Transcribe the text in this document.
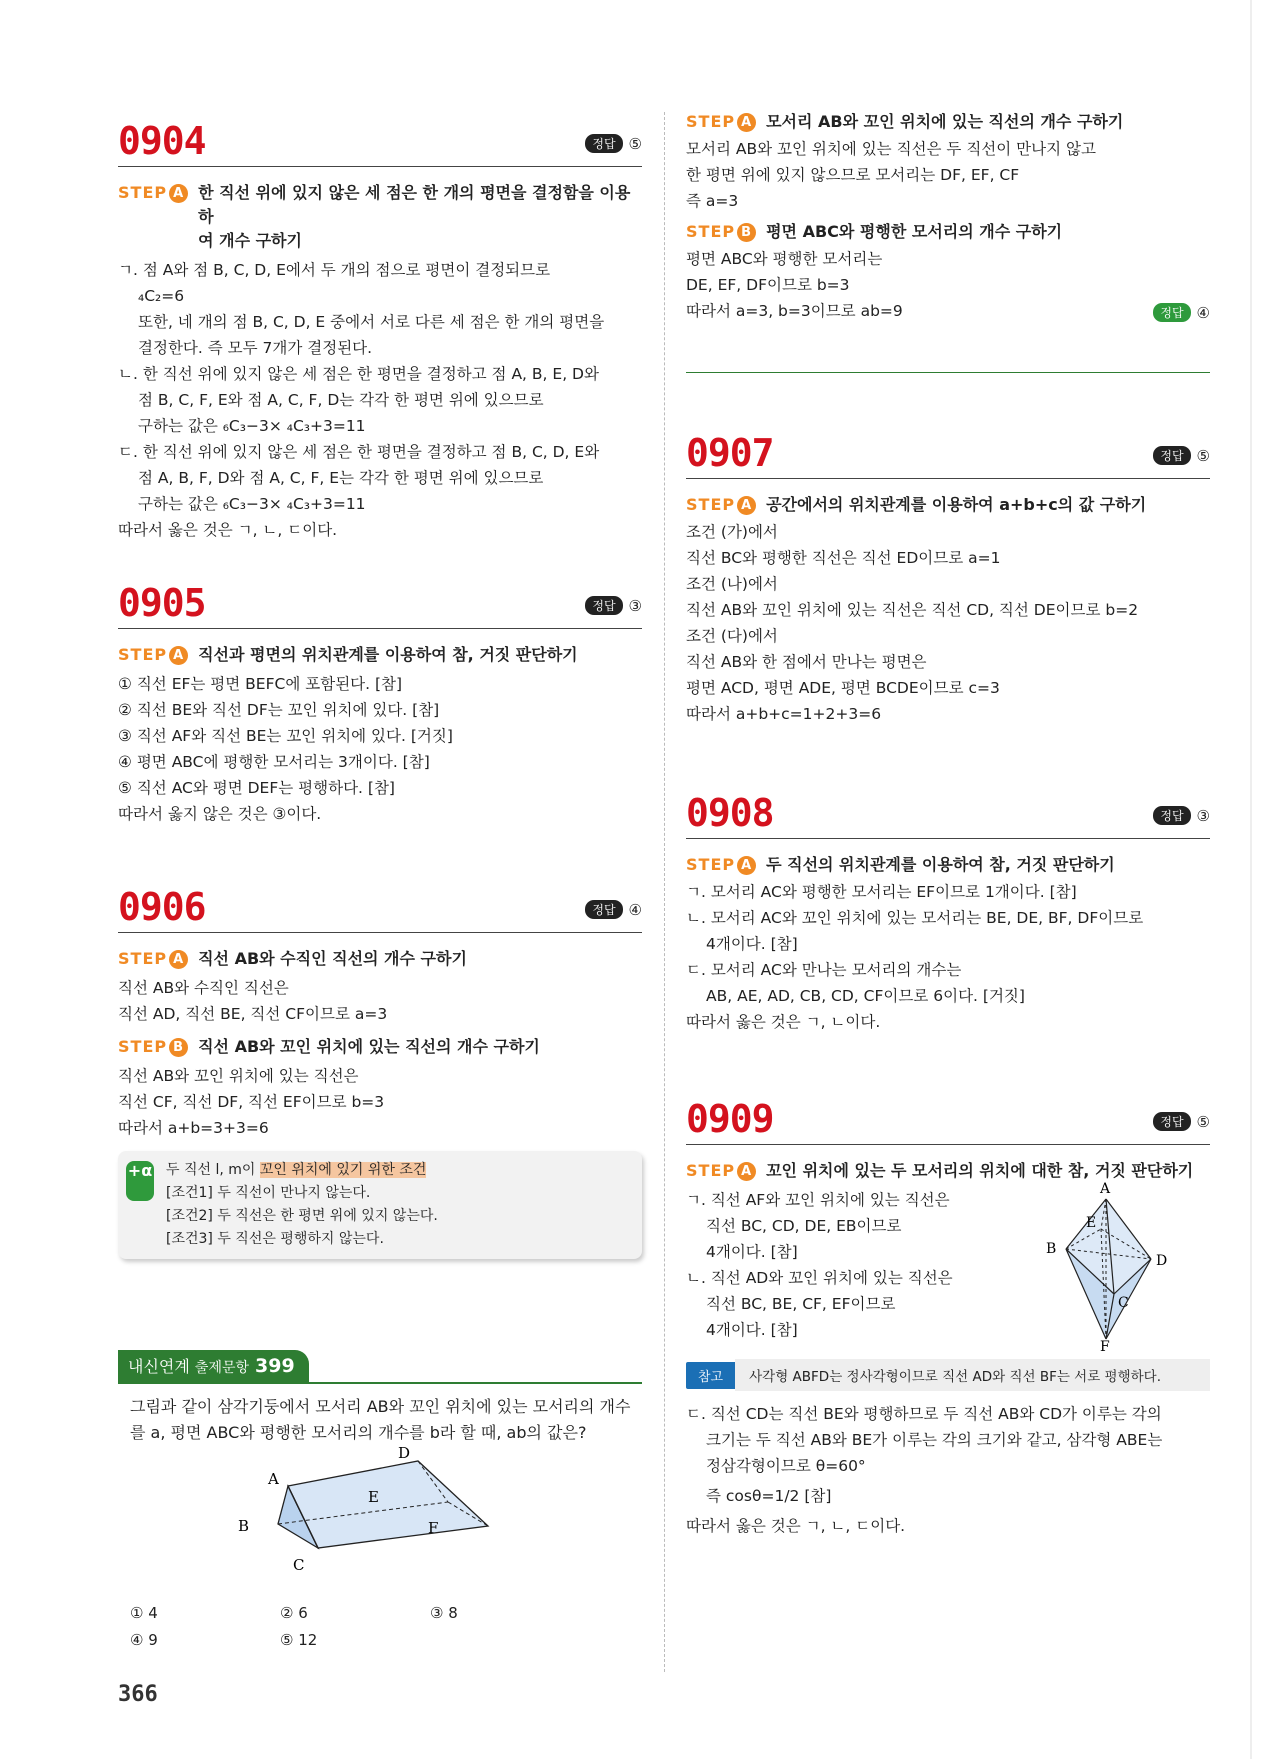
0904	정답 ⑤
STEP A 한 직선 위에 있지 않은 세 점은 한 개의 평면을 결정함을 이용하
여 개수 구하기
ㄱ. 점 A와 점 B, C, D, E에서 두 개의 점으로 평면이 결정되므로
₄C₂=6
또한, 네 개의 점 B, C, D, E 중에서 서로 다른 세 점은 한 개의 평면을
결정한다. 즉 모두 7개가 결정된다.
ㄴ. 한 직선 위에 있지 않은 세 점은 한 평면을 결정하고 점 A, B, E, D와
점 B, C, F, E와 점 A, C, F, D는 각각 한 평면 위에 있으므로
구하는 값은 ₆C₃−3× ₄C₃+3=11
ㄷ. 한 직선 위에 있지 않은 세 점은 한 평면을 결정하고 점 B, C, D, E와
점 A, B, F, D와 점 A, C, F, E는 각각 한 평면 위에 있으므로
구하는 값은 ₆C₃−3× ₄C₃+3=11
따라서 옳은 것은 ㄱ, ㄴ, ㄷ이다.
0905	정답 ③
STEP A 직선과 평면의 위치관계를 이용하여 참, 거짓 판단하기
① 직선 EF는 평면 BEFC에 포함된다. [참]
② 직선 BE와 직선 DF는 꼬인 위치에 있다. [참]
③ 직선 AF와 직선 BE는 꼬인 위치에 있다. [거짓]
④ 평면 ABC에 평행한 모서리는 3개이다. [참]
⑤ 직선 AC와 평면 DEF는 평행하다. [참]
따라서 옳지 않은 것은 ③이다.
0906	정답 ④
STEP A 직선 AB와 수직인 직선의 개수 구하기
직선 AB와 수직인 직선은
직선 AD, 직선 BE, 직선 CF이므로 a=3
STEP B 직선 AB와 꼬인 위치에 있는 직선의 개수 구하기
직선 AB와 꼬인 위치에 있는 직선은
직선 CF, 직선 DF, 직선 EF이므로 b=3
따라서 a+b=3+3=6
+α 두 직선 l, m이 꼬인 위치에 있기 위한 조건
[조건1] 두 직선이 만나지 않는다.
[조건2] 두 직선은 한 평면 위에 있지 않는다.
[조건3] 두 직선은 평행하지 않는다.
내신연계 출제문항 399
그림과 같이 삼각기둥에서 모서리 AB와 꼬인 위치에 있는 모서리의 개수
를 a, 평면 ABC와 평행한 모서리의 개수를 b라 할 때, ab의 값은?
A
B
C
D
E
F
① 4	② 6	③ 8
④ 9	⑤ 12
366
STEP A 모서리 AB와 꼬인 위치에 있는 직선의 개수 구하기
모서리 AB와 꼬인 위치에 있는 직선은 두 직선이 만나지 않고
한 평면 위에 있지 않으므로 모서리는 DF, EF, CF
즉 a=3
STEP B 평면 ABC와 평행한 모서리의 개수 구하기
평면 ABC와 평행한 모서리는
DE, EF, DF이므로 b=3
따라서 a=3, b=3이므로 ab=9	정답 ④
0907	정답 ⑤
STEP A 공간에서의 위치관계를 이용하여 a+b+c의 값 구하기
조건 (가)에서
직선 BC와 평행한 직선은 직선 ED이므로 a=1
조건 (나)에서
직선 AB와 꼬인 위치에 있는 직선은 직선 CD, 직선 DE이므로 b=2
조건 (다)에서
직선 AB와 한 점에서 만나는 평면은
평면 ACD, 평면 ADE, 평면 BCDE이므로 c=3
따라서 a+b+c=1+2+3=6
0908	정답 ③
STEP A 두 직선의 위치관계를 이용하여 참, 거짓 판단하기
ㄱ. 모서리 AC와 평행한 모서리는 EF이므로 1개이다. [참]
ㄴ. 모서리 AC와 꼬인 위치에 있는 모서리는 BE, DE, BF, DF이므로
4개이다. [참]
ㄷ. 모서리 AC와 만나는 모서리의 개수는
AB, AE, AD, CB, CD, CF이므로 6이다. [거짓]
따라서 옳은 것은 ㄱ, ㄴ이다.
0909	정답 ⑤
STEP A 꼬인 위치에 있는 두 모서리의 위치에 대한 참, 거짓 판단하기
ㄱ. 직선 AF와 꼬인 위치에 있는 직선은
직선 BC, CD, DE, EB이므로
4개이다. [참]
ㄴ. 직선 AD와 꼬인 위치에 있는 직선은
직선 BC, BE, CF, EF이므로
4개이다. [참]
A
B
C
D
E
F
참고	사각형 ABFD는 정사각형이므로 직선 AD와 직선 BF는 서로 평행하다.
ㄷ. 직선 CD는 직선 BE와 평행하므로 두 직선 AB와 CD가 이루는 각의
크기는 두 직선 AB와 BE가 이루는 각의 크기와 같고, 삼각형 ABE는
정삼각형이므로 θ=60°
즉 cosθ=1/2 [참]
따라서 옳은 것은 ㄱ, ㄴ, ㄷ이다.
